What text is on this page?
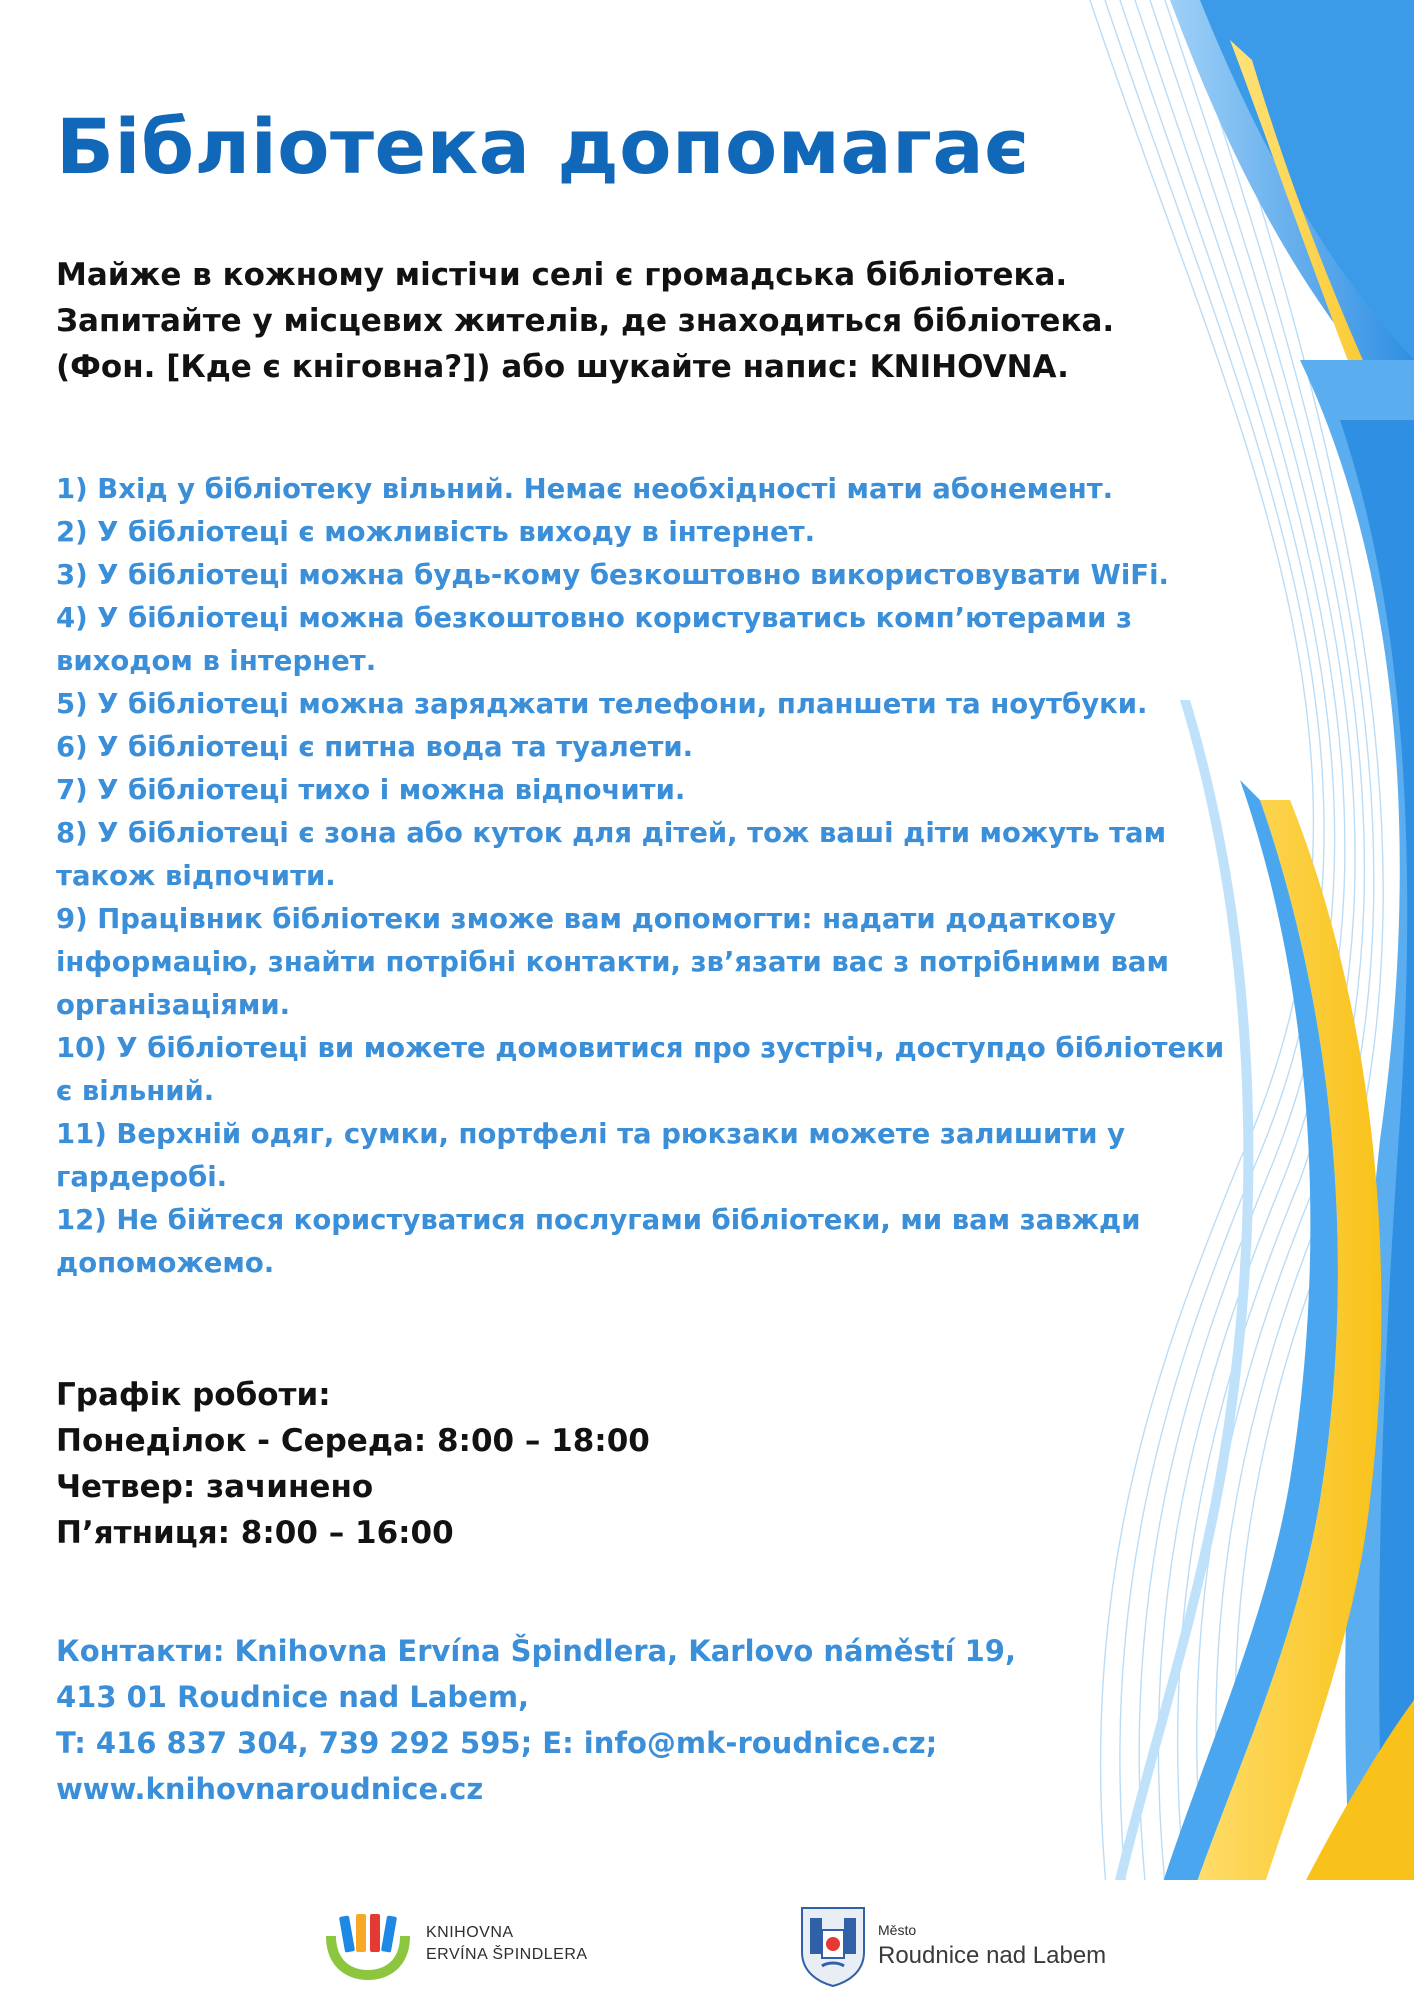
Бібліотека допомагає
Майже в кожному містічи селі є громадська бібліотека.
Запитайте у місцевих жителів, де знаходиться бібліотека.
(Фон. [Кде є кніговна?]) або шукайте напис: KNIHOVNA.
1) Вхід у бібліотеку вільний. Немає необхідності мати абонемент.
2) У бібліотеці є можливість виходу в інтернет.
3) У бібліотеці можна будь-кому безкоштовно використовувати WiFi.
4) У бібліотеці можна безкоштовно користуватись комп’ютерами з виходом в інтернет.
5) У бібліотеці можна заряджати телефони, планшети та ноутбуки.
6) У бібліотеці є питна вода та туалети.
7) У бібліотеці тихо і можна відпочити.
8) У бібліотеці є зона або куток для дітей, тож ваші діти можуть там також відпочити.
9) Працівник бібліотеки зможе вам допомогти: надати додаткову інформацію, знайти потрібні контакти, зв’язати вас з потрібними вам організаціями.
10) У бібліотеці ви можете домовитися про зустріч, доступдо бібліотеки є вільний.
11) Верхній одяг, сумки, портфелі та рюкзаки можете залишити у гардеробі.
12) Не бійтеся користуватися послугами бібліотеки, ми вам завжди допоможемо.
Графік роботи:
Понеділок - Середа: 8:00 – 18:00
Четвер: зачинено
П’ятниця: 8:00 – 16:00
Контакти: Knihovna Ervína Špindlera, Karlovo náměstí 19,
413 01 Roudnice nad Labem,
T: 416 837 304, 739 292 595; E: info@mk-roudnice.cz;
www.knihovnaroudnice.cz
KNIHOVNA
ERVÍNA ŠPINDLERA
Město
Roudnice nad Labem
